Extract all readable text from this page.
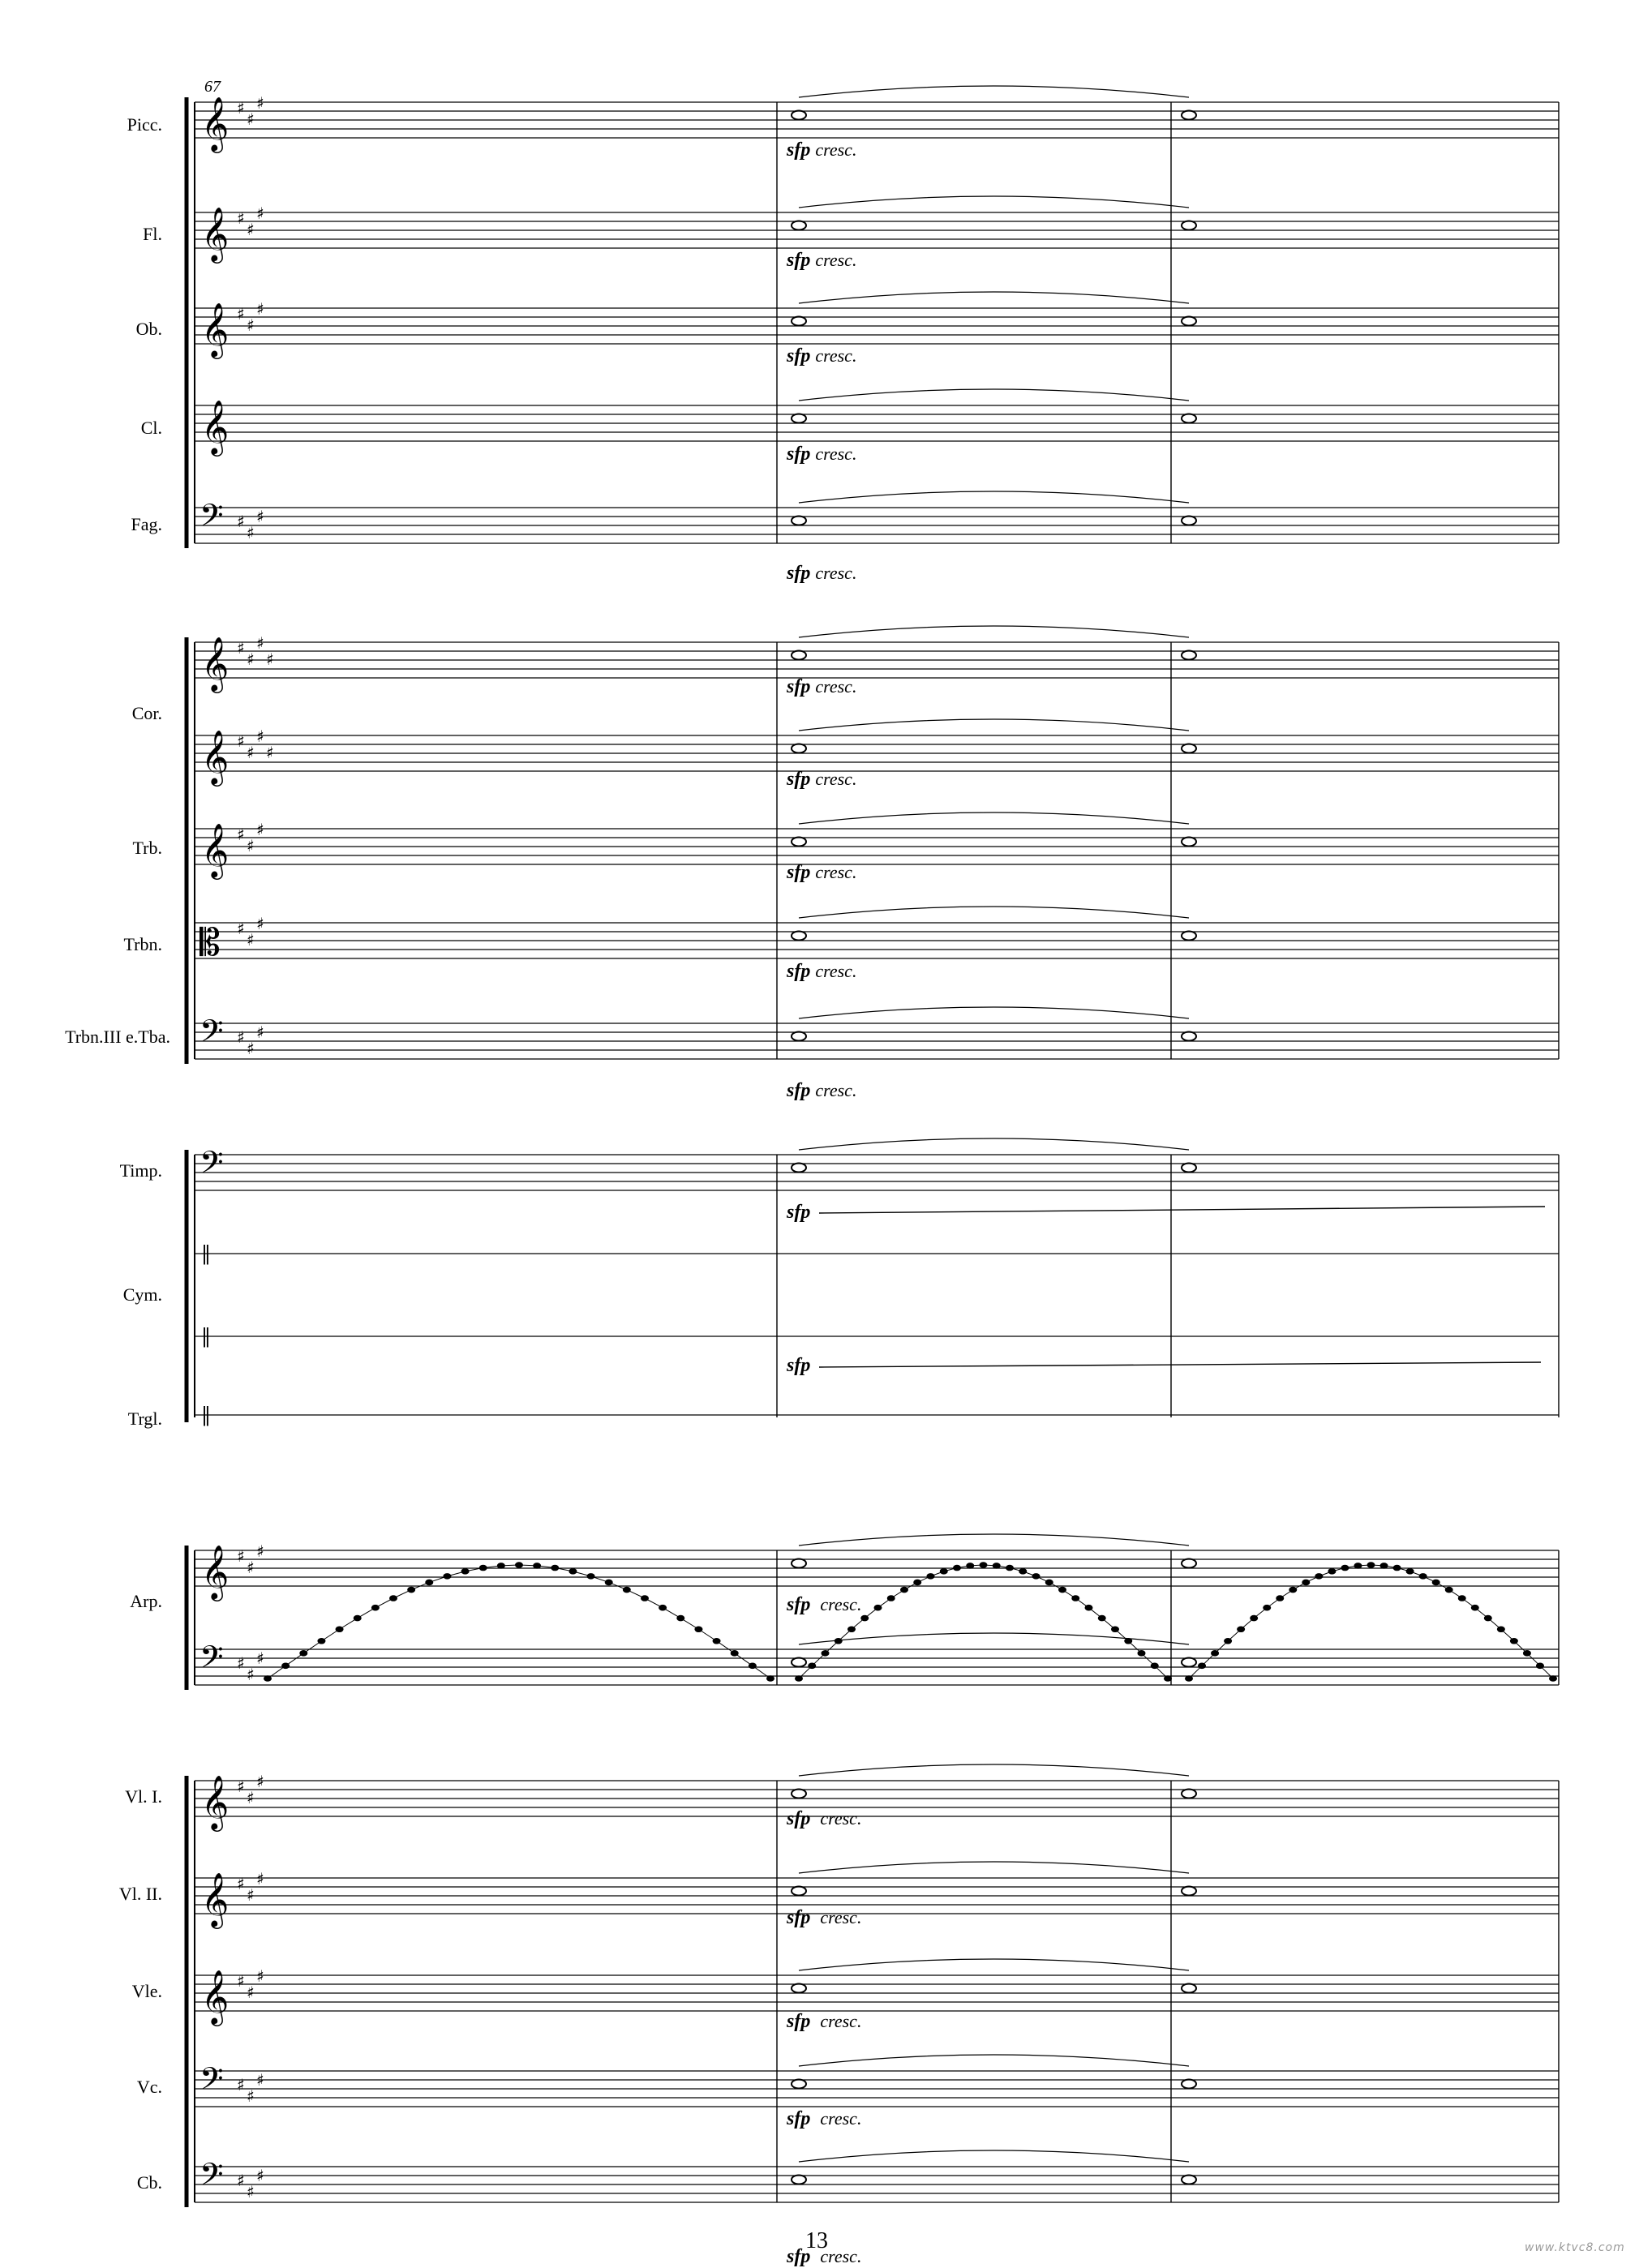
𝄞 ♯
♯
♯
𝄞 ♯
♯
♯
𝄞 ♯
♯
♯
𝄞
𝄢 ♯
♯
♯
𝄞 ♯
♯
♯
♯
𝄞 ♯
♯
♯
♯
𝄞 ♯
♯
♯
𝄡 ♯
♯
♯
𝄢 ♯
♯
♯
𝄢
𝄞 ♯
♯
♯
𝄢 ♯
♯
♯
𝄞 ♯
♯
♯
𝄞 ♯
♯
♯
𝄞 ♯
♯
♯
𝄢 ♯
♯
♯
𝄢 ♯
♯
♯
‖
‖
‖
Picc.
Fl.
Ob.
Cl.
Fag.
Cor.
Trb.
Trbn.
Trbn.III e.Tba.
Timp.
Cym.
Trgl.
Arp.
Vl. I.
Vl. II.
Vle.
Vc.
Cb.
sfp cresc.
sfp cresc.
sfp cresc.
sfp cresc.
sfp cresc.
sfp cresc.
sfp cresc.
sfp cresc.
sfp cresc.
sfp cresc.
sfp
sfp
sfp cresc.
sfp cresc.
sfp cresc.
sfp cresc.
sfp cresc.
sfp cresc.
67
13	www.ktvc8.com
